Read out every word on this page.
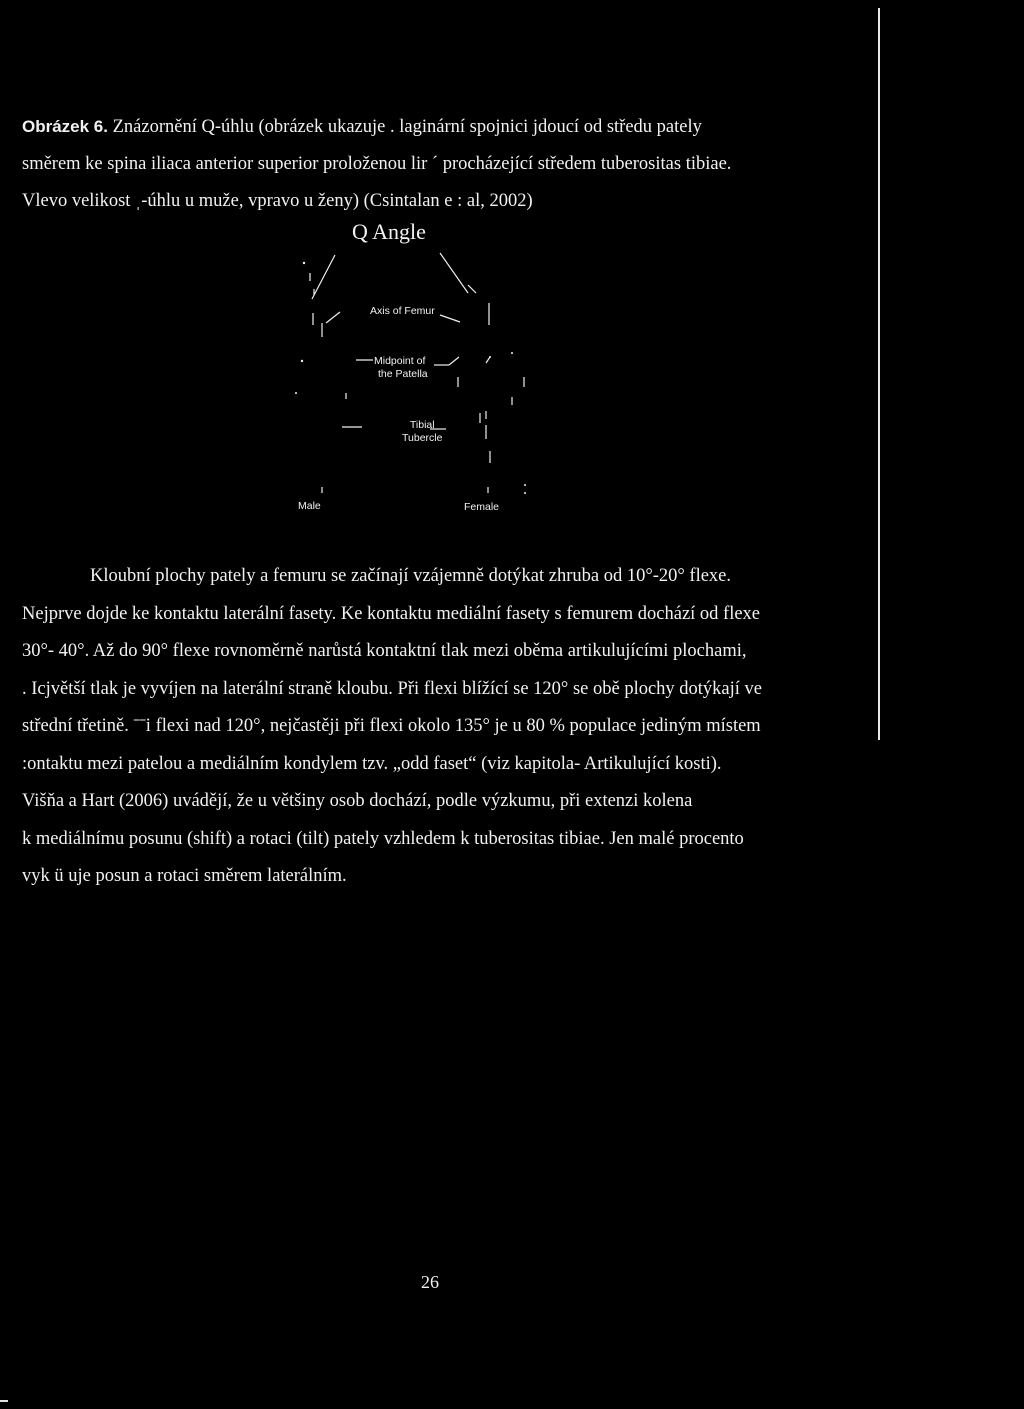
Obrázek 6. Znázornění Q-úhlu (obrázek ukazuje . laginární spojnici jdoucí od středu pately

směrem ke spina iliaca anterior superior proloženou lir ˊ procházející středem tuberositas tibiae.

Vlevo velikost ˌ-úhlu u muže, vpravo u ženy) (Csintalan e : al, 2002)

Q Angle
Axis of Femur
Midpoint of
the Patella
Tibial
Tubercle
Male	Female

Kloubní plochy pately a femuru se začínají vzájemně dotýkat zhruba od 10°-20° flexe.

Nejprve dojde ke kontaktu laterální fasety. Ke kontaktu mediální fasety s femurem dochází od flexe

30°- 40°. Až do 90° flexe rovnoměrně narůstá kontaktní tlak mezi oběma artikulujícími plochami,

. Icjvětší tlak je vyvíjen na laterální straně kloubu. Při flexi blížící se 120° se obě plochy dotýkají ve

střední třetině. ˉˉi flexi nad 120°, nejčastěji při flexi okolo 135° je u 80 % populace jediným místem

:ontaktu mezi patelou a mediálním kondylem tzv. „odd faset“ (viz kapitola- Artikulující kosti).

Višňa a Hart (2006) uvádějí, že u většiny osob dochází, podle výzkumu, při extenzi kolena

k mediálnímu posunu (shift) a rotaci (tilt) pately vzhledem k tuberositas tibiae. Jen malé procento

vyk ü uje posun a rotaci směrem laterálním.

26
